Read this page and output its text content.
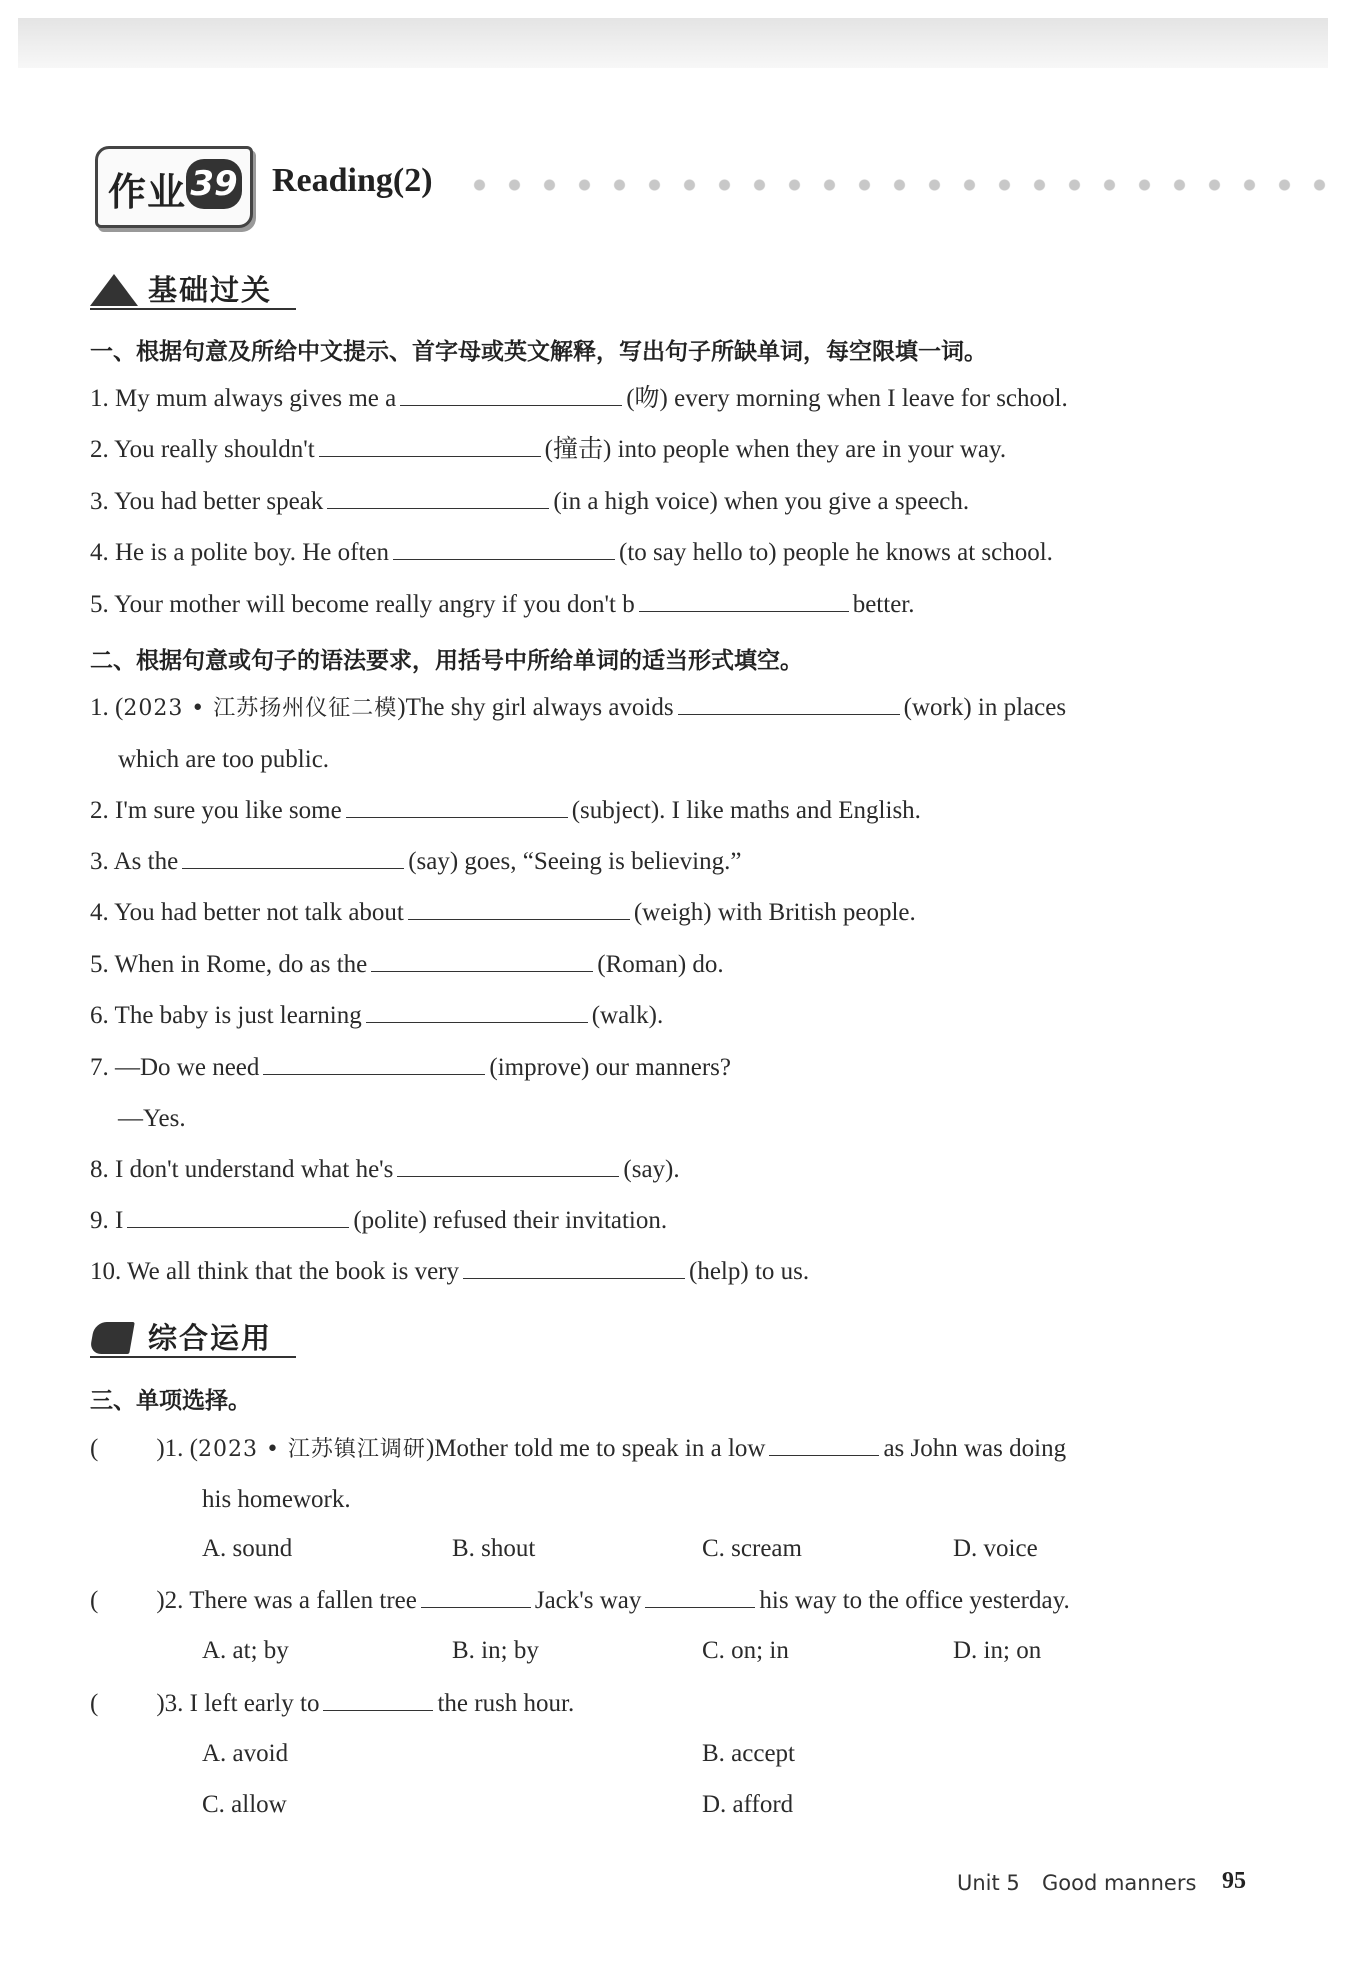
作业 39 Reading(2)
基础过关
一、根据句意及所给中文提示、首字母或英文解释，写出句子所缺单词，每空限填一词。
1. My mum always gives me a	(吻) every morning when I leave for school.
2. You really shouldn't	(撞击) into people when they are in your way.
3. You had better speak	(in a high voice) when you give a speech.
4. He is a polite boy. He often	(to say hello to) people he knows at school.
5. Your mother will become really angry if you don't b	better.
二、根据句意或句子的语法要求，用括号中所给单词的适当形式填空。
1. (2023 • 江苏扬州仪征二模)The shy girl always avoids	(work) in places
which are too public.
2. I'm sure you like some	(subject). I like maths and English.
3. As the	(say) goes, “Seeing is believing.”
4. You had better not talk about	(weigh) with British people.
5. When in Rome, do as the	(Roman) do.
6. The baby is just learning	(walk).
7. —Do we need	(improve) our manners?
—Yes.
8. I don't understand what he's	(say).
9. I	(polite) refused their invitation.
10. We all think that the book is very	(help) to us.
综合运用
三、单项选择。
( )1. (2023 • 江苏镇江调研)Mother told me to speak in a low	as John was doing
his homework.
A. sound	B. shout	C. scream	D. voice
( )2. There was a fallen tree	Jack's way	his way to the office yesterday.
A. at; by	B. in; by	C. on; in	D. in; on
( )3. I left early to	the rush hour.
A. avoid	B. accept
C. allow	D. afford
Unit 5 Good manners 95
